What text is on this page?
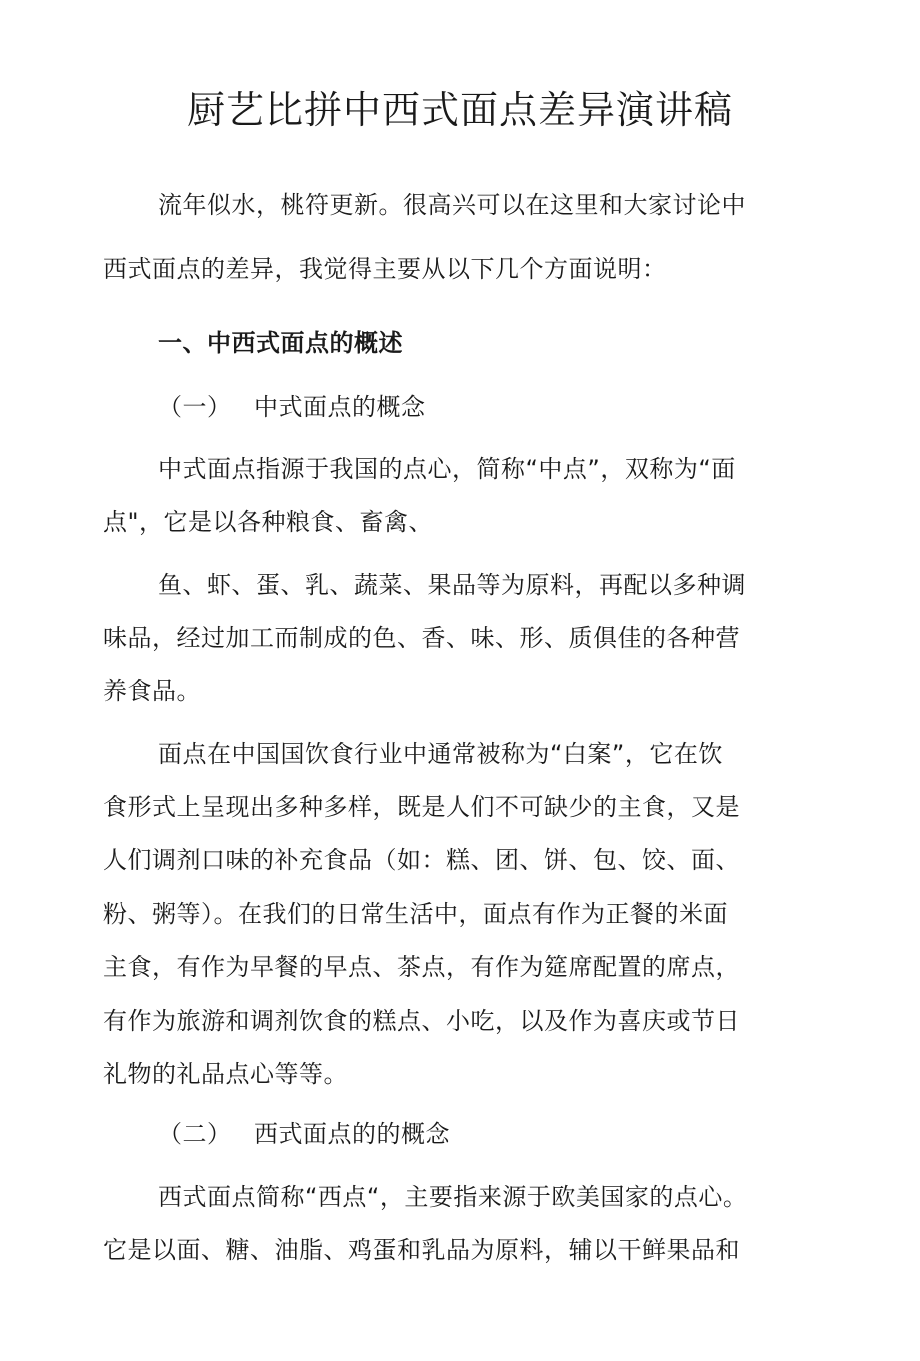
厨艺比拼中西式面点差异演讲稿
流年似水，桃符更新。很高兴可以在这里和大家讨论中
西式面点的差异，我觉得主要从以下几个方面说明：
一、中西式面点的概述
（一） 中式面点的概念
中式面点指源于我国的点心，简称“中点”，双称为“面
点"，它是以各种粮食、畜禽、
鱼、虾、蛋、乳、蔬菜、果品等为原料，再配以多种调
味品，经过加工而制成的色、香、味、形、质俱佳的各种营
养食品。
面点在中国国饮食行业中通常被称为“白案”，它在饮
食形式上呈现出多种多样，既是人们不可缺少的主食，又是
人们调剂口味的补充食品（如：糕、团、饼、包、饺、面、
粉、粥等）。在我们的日常生活中，面点有作为正餐的米面
主食，有作为早餐的早点、茶点，有作为筵席配置的席点，
有作为旅游和调剂饮食的糕点、小吃，以及作为喜庆或节日
礼物的礼品点心等等。
（二） 西式面点的的概念
西式面点简称“西点“，主要指来源于欧美国家的点心。
它是以面、糖、油脂、鸡蛋和乳品为原料，辅以干鲜果品和
